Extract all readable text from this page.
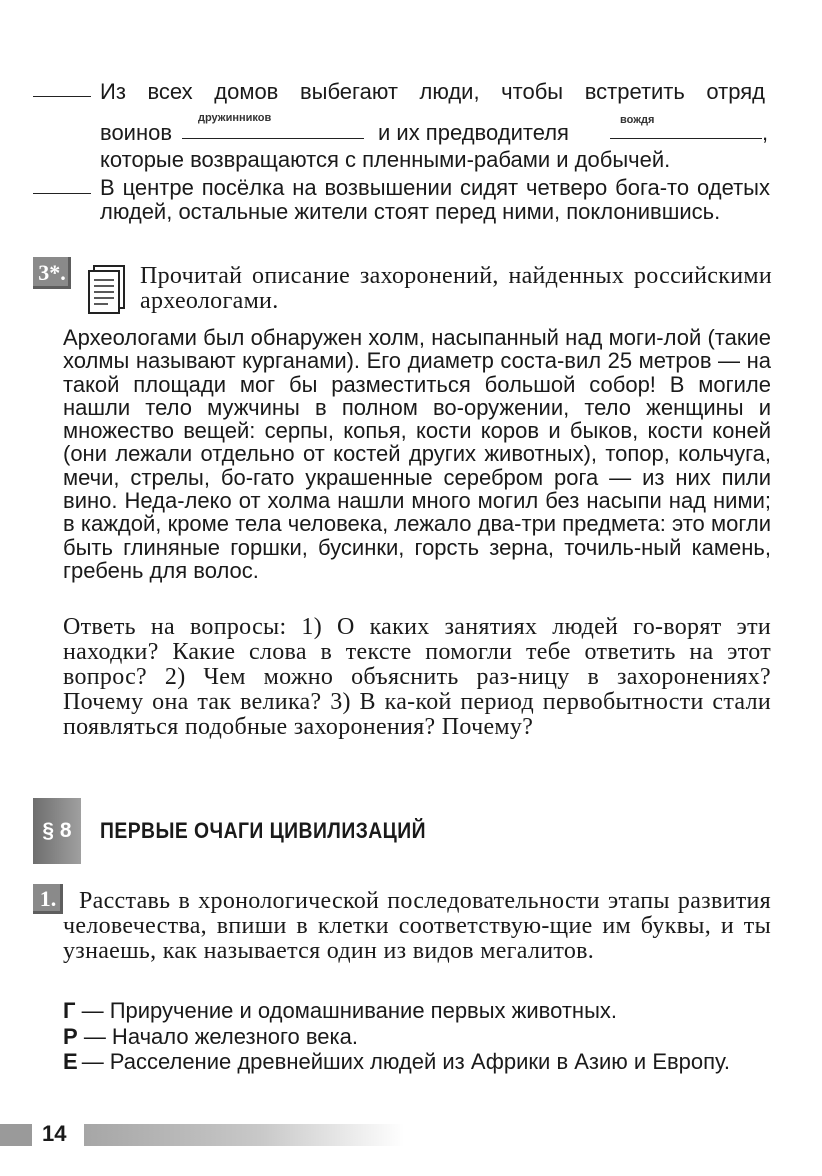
Из всех домов выбегают люди, чтобы встретить отряд
воинов
дружинников
и их предводителя	вождя	,
которые возвращаются с пленными-рабами и добычей.
В центре посёлка на возвышении сидят четверо бога-то одетых людей, остальные жители стоят перед ними, поклонившись.
3*.	Прочитай описание захоронений, найденных российскими археологами.
Археологами был обнаружен холм, насыпанный над моги-лой (такие холмы называют курганами). Его диаметр соста-вил 25 метров — на такой площади мог бы разместиться большой собор! В могиле нашли тело мужчины в полном во-оружении, тело женщины и множество вещей: серпы, копья, кости коров и быков, кости коней (они лежали отдельно от костей других животных), топор, кольчуга, мечи, стрелы, бо-гато украшенные серебром рога — из них пили вино. Неда-леко от холма нашли много могил без насыпи над ними; в каждой, кроме тела человека, лежало два-три предмета: это могли быть глиняные горшки, бусинки, горсть зерна, точиль-ный камень, гребень для волос.
Ответь на вопросы: 1) О каких занятиях людей го-ворят эти находки? Какие слова в тексте помогли тебе ответить на этот вопрос? 2) Чем можно объяснить раз-ницу в захоронениях? Почему она так велика? 3) В ка-кой период первобытности стали появляться подобные захоронения? Почему?
§ 8	ПЕРВЫЕ ОЧАГИ ЦИВИЛИЗАЦИЙ
1. Расставь в хронологической последовательности этапы развития человечества, впиши в клетки соответствую-щие им буквы, и ты узнаешь, как называется один из видов мегалитов.
Г — Приручение и одомашнивание первых животных.
Р — Начало железного века.
Е — Расселение древнейших людей из Африки в Азию и Европу.
14
